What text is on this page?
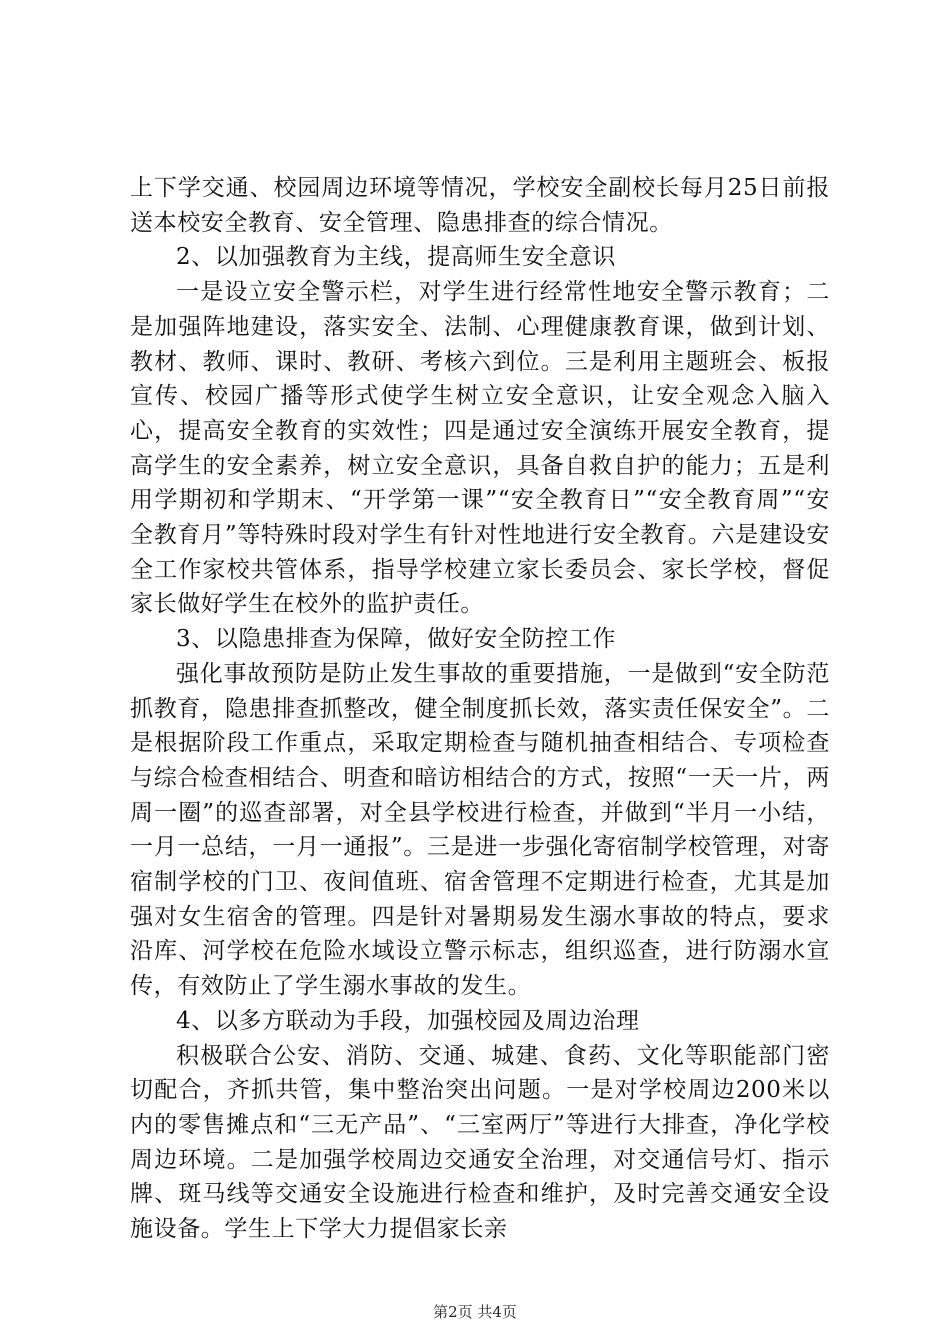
上下学交通、校园周边环境等情况，学校安全副校长每月25日前报送本校安全教育、安全管理、隐患排查的综合情况。

2、以加强教育为主线，提高师生安全意识

一是设立安全警示栏，对学生进行经常性地安全警示教育；二是加强阵地建设，落实安全、法制、心理健康教育课，做到计划、教材、教师、课时、教研、考核六到位。三是利用主题班会、板报宣传、校园广播等形式使学生树立安全意识，让安全观念入脑入心，提高安全教育的实效性；四是通过安全演练开展安全教育，提高学生的安全素养，树立安全意识，具备自救自护的能力；五是利用学期初和学期末、“开学第一课”“安全教育日”“安全教育周”“安全教育月”等特殊时段对学生有针对性地进行安全教育。六是建设安全工作家校共管体系，指导学校建立家长委员会、家长学校，督促家长做好学生在校外的监护责任。

3、以隐患排查为保障，做好安全防控工作

强化事故预防是防止发生事故的重要措施，一是做到“安全防范抓教育，隐患排查抓整改，健全制度抓长效，落实责任保安全”。二是根据阶段工作重点，采取定期检查与随机抽查相结合、专项检查与综合检查相结合、明查和暗访相结合的方式，按照“一天一片，两周一圈”的巡查部署，对全县学校进行检查，并做到“半月一小结，一月一总结，一月一通报”。三是进一步强化寄宿制学校管理，对寄宿制学校的门卫、夜间值班、宿舍管理不定期进行检查，尤其是加强对女生宿舍的管理。四是针对暑期易发生溺水事故的特点，要求沿库、河学校在危险水域设立警示标志，组织巡查，进行防溺水宣传，有效防止了学生溺水事故的发生。

4、以多方联动为手段，加强校园及周边治理

积极联合公安、消防、交通、城建、食药、文化等职能部门密切配合，齐抓共管，集中整治突出问题。一是对学校周边200米以内的零售摊点和“三无产品”、“三室两厅”等进行大排查，净化学校周边环境。二是加强学校周边交通安全治理，对交通信号灯、指示牌、斑马线等交通安全设施进行检查和维护，及时完善交通安全设施设备。学生上下学大力提倡家长亲

第2页 共4页
